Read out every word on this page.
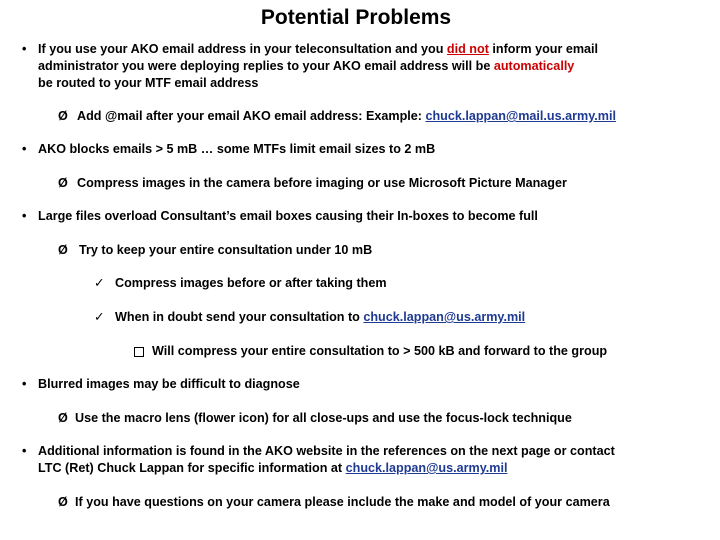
Potential Problems
• If you use your AKO email address in your teleconsultation and you did not inform your email
administrator you were deploying replies to your AKO email address will be automatically
be routed to your MTF email address
Ø Add @mail after your email AKO email address: Example: chuck.lappan@mail.us.army.mil
• AKO blocks emails > 5 mB … some MTFs limit email sizes to 2 mB
Ø Compress images in the camera before imaging or use Microsoft Picture Manager
• Large files overload Consultant’s email boxes causing their In-boxes to become full
Ø Try to keep your entire consultation under 10 mB
✓ Compress images before or after taking them
✓ When in doubt send your consultation to chuck.lappan@us.army.mil
Will compress your entire consultation to > 500 kB and forward to the group
• Blurred images may be difficult to diagnose
Ø Use the macro lens (flower icon) for all close-ups and use the focus-lock technique
• Additional information is found in the AKO website in the references on the next page or contact
LTC (Ret) Chuck Lappan for specific information at chuck.lappan@us.army.mil
Ø If you have questions on your camera please include the make and model of your camera
